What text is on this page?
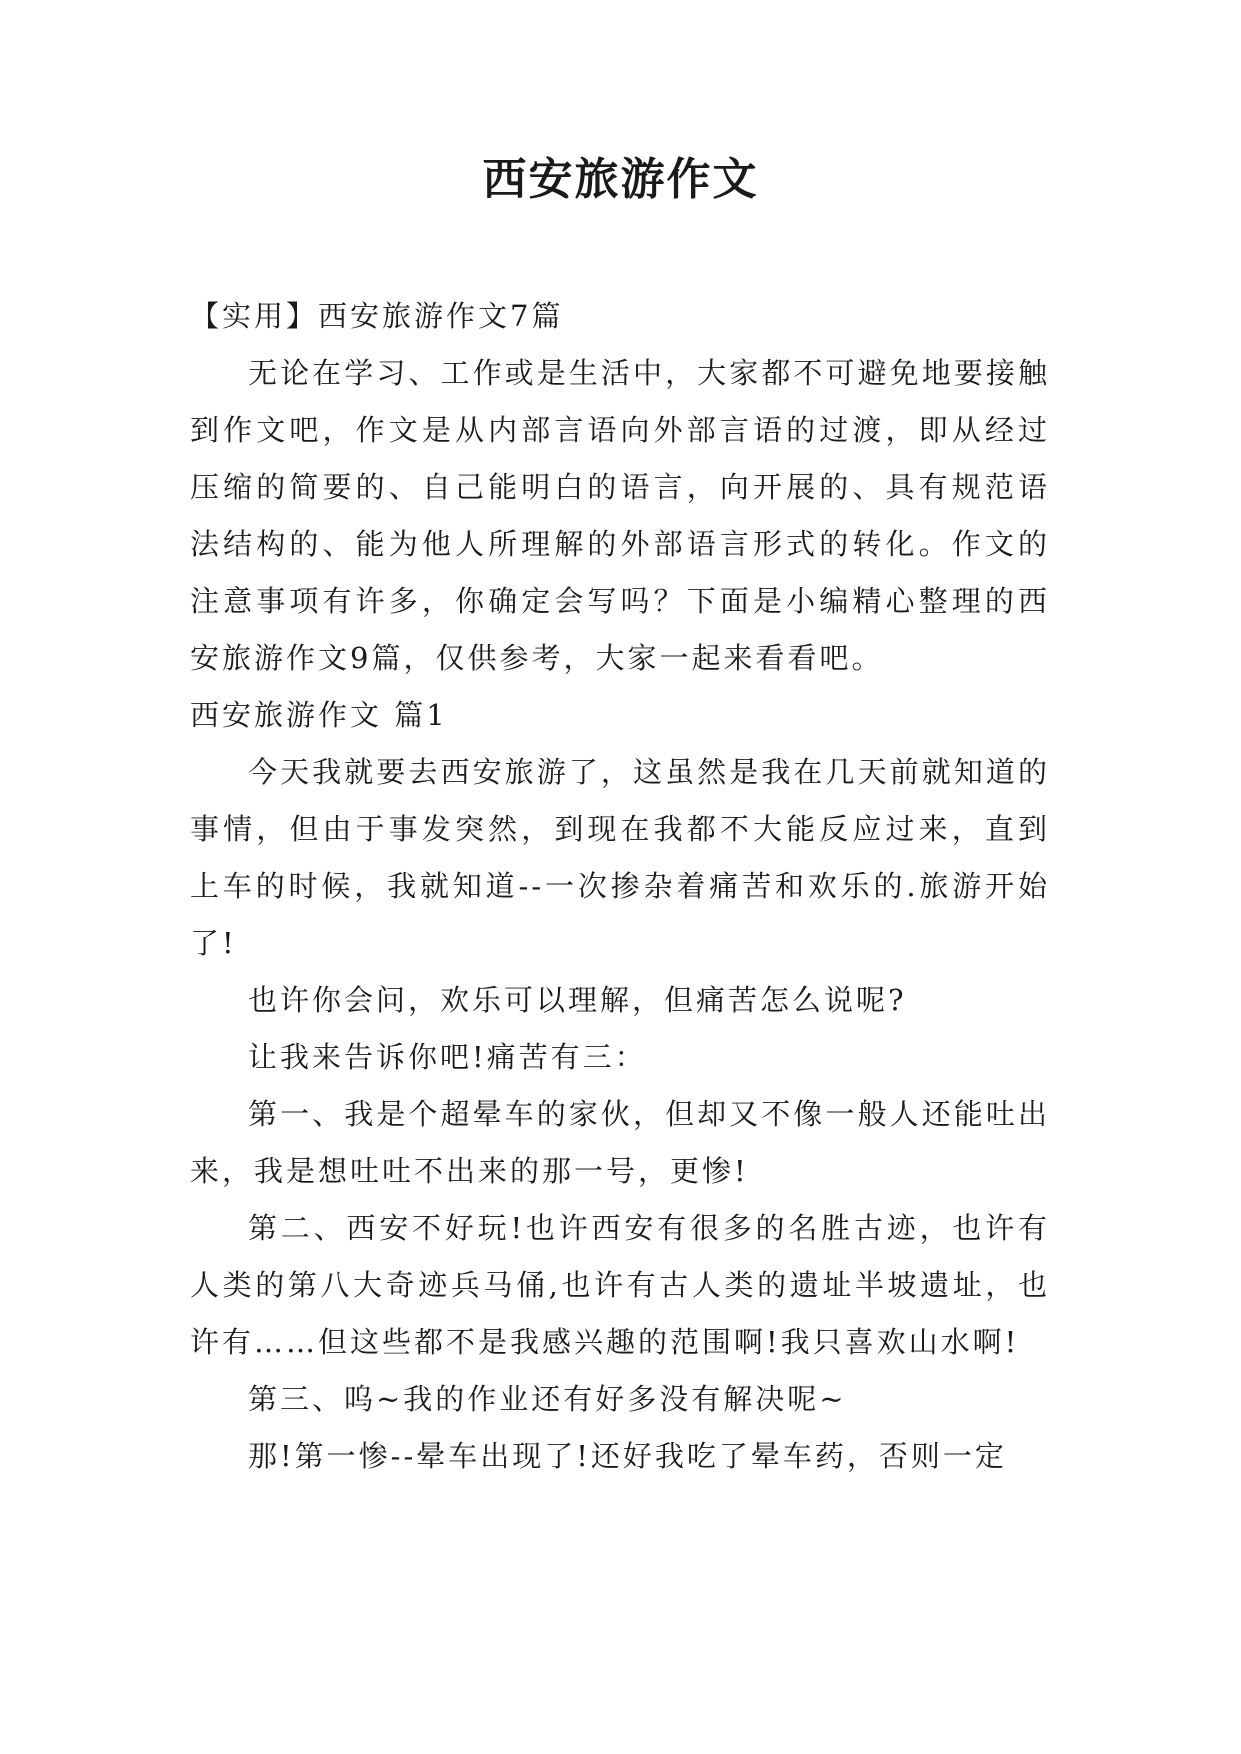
西安旅游作文

【实用】西安旅游作文7篇

无论在学习、工作或是生活中，大家都不可避免地要接触到作文吧，作文是从内部言语向外部言语的过渡，即从经过压缩的简要的、自己能明白的语言，向开展的、具有规范语法结构的、能为他人所理解的外部语言形式的转化。作文的注意事项有许多，你确定会写吗？下面是小编精心整理的西安旅游作文9篇，仅供参考，大家一起来看看吧。

西安旅游作文 篇1

今天我就要去西安旅游了，这虽然是我在几天前就知道的事情，但由于事发突然，到现在我都不大能反应过来，直到上车的时候，我就知道--一次掺杂着痛苦和欢乐的.旅游开始了!

也许你会问，欢乐可以理解，但痛苦怎么说呢?

让我来告诉你吧!痛苦有三：

第一、我是个超晕车的家伙，但却又不像一般人还能吐出来，我是想吐吐不出来的那一号，更惨!

第二、西安不好玩!也许西安有很多的名胜古迹，也许有人类的第八大奇迹兵马俑,也许有古人类的遗址半坡遗址，也许有……但这些都不是我感兴趣的范围啊!我只喜欢山水啊!

第三、呜~我的作业还有好多没有解决呢~

那!第一惨--晕车出现了!还好我吃了晕车药，否则一定
